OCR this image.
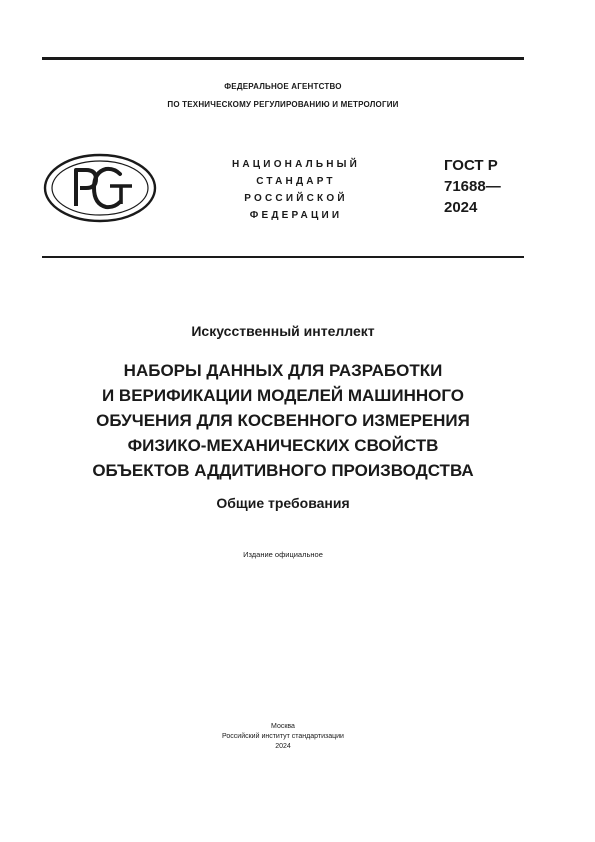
ФЕДЕРАЛЬНОЕ АГЕНТСТВО
ПО ТЕХНИЧЕСКОМУ РЕГУЛИРОВАНИЮ И МЕТРОЛОГИИ
НАЦИОНАЛЬНЫЙ
СТАНДАРТ
РОССИЙСКОЙ
ФЕДЕРАЦИИ
ГОСТ Р
71688—
2024
Искусственный интеллект
НАБОРЫ ДАННЫХ ДЛЯ РАЗРАБОТКИ
И ВЕРИФИКАЦИИ МОДЕЛЕЙ МАШИННОГО
ОБУЧЕНИЯ ДЛЯ КОСВЕННОГО ИЗМЕРЕНИЯ
ФИЗИКО-МЕХАНИЧЕСКИХ СВОЙСТВ
ОБЪЕКТОВ АДДИТИВНОГО ПРОИЗВОДСТВА
Общие требования
Издание официальное
Москва
Российский институт стандартизации
2024
